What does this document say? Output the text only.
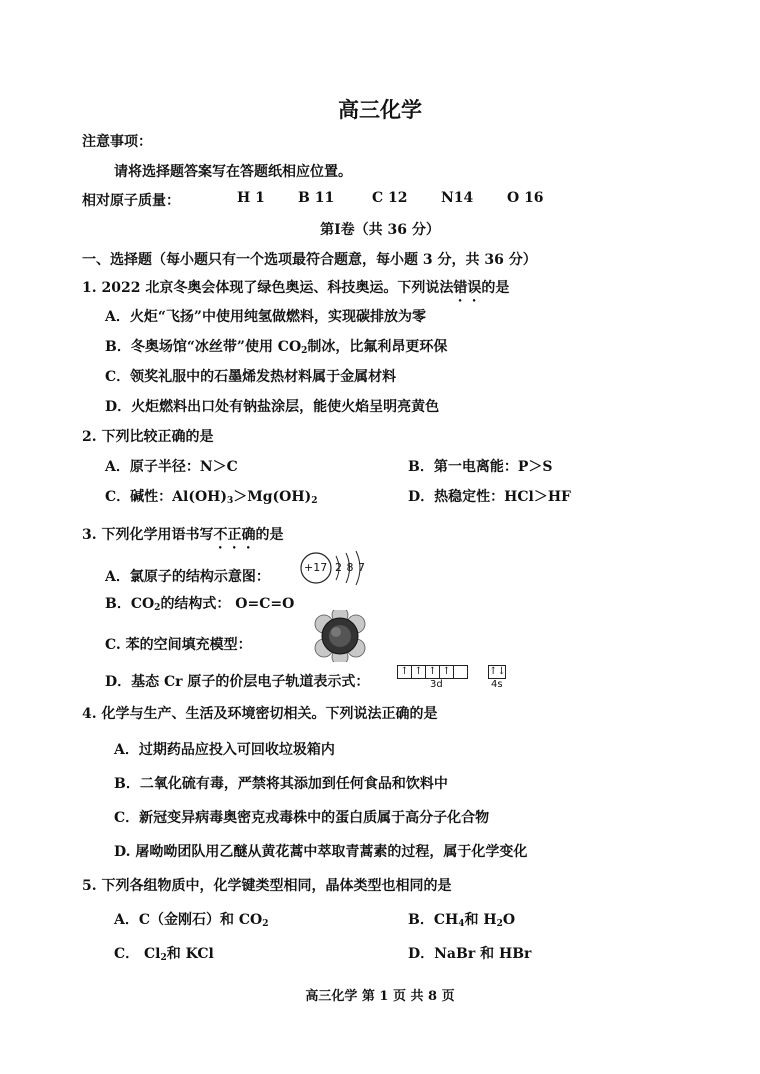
高三化学
注意事项：
请将选择题答案写在答题纸相应位置。
相对原子质量：	H 1 B 11	C 12 N14 O 16
第Ⅰ卷（共 36 分）
一、选择题（每小题只有一个选项最符合题意，每小题 3 分，共 36 分）
1. 2022 北京冬奥会体现了绿色奥运、科技奥运。下列说法错误的是
A．火炬“飞扬”中使用纯氢做燃料，实现碳排放为零
B．冬奥场馆“冰丝带”使用 $CO_2$制冰，比氟利昂更环保
C．领奖礼服中的石墨烯发热材料属于金属材料
D．火炬燃料出口处有钠盐涂层，能使火焰呈明亮黄色
2. 下列比较正确的是
A．原子半径：N＞C	B．第一电离能：P＞S
C．碱性：$Al(OH)_3>Mg(OH)_2$	D．热稳定性：HCl＞HF
3. 下列化学用语书写不正确的是
A．氯原子的结构示意图：
+17 2 8 7
B．$CO_2$的结构式： O=C=O
C. 苯的空间填充模型：
D．基态 Cr 原子的价层电子轨道表示式：
↑ ↑ ↑ ↑	↑↓
3d	4s
4. 化学与生产、生活及环境密切相关。下列说法正确的是
A．过期药品应投入可回收垃圾箱内
B．二氧化硫有毒，严禁将其添加到任何食品和饮料中
C．新冠变异病毒奥密克戎毒株中的蛋白质属于高分子化合物
D. 屠呦呦团队用乙醚从黄花蒿中萃取青蒿素的过程，属于化学变化
5. 下列各组物质中，化学键类型相同，晶体类型也相同的是
A．C（金刚石）和 $CO_2$	B．$CH_4$和 $H_2O$
C． $Cl_2$和 KCl	D．NaBr 和 HBr
高三化学 第 1 页 共 8 页
